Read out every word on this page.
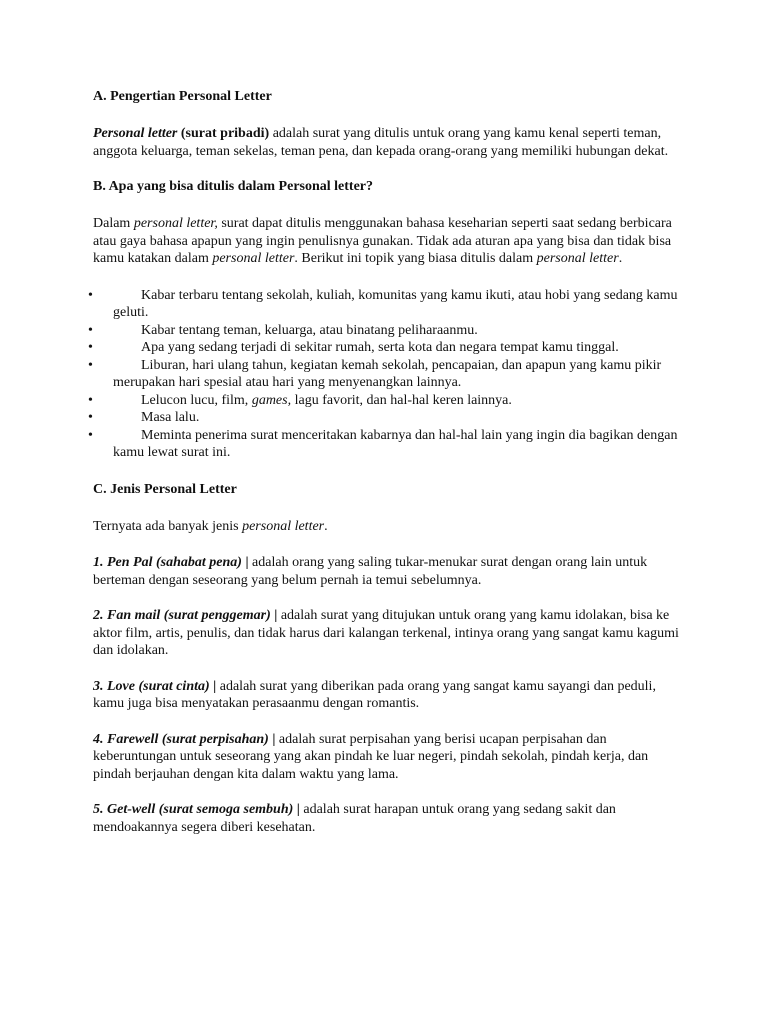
A. Pengertian Personal Letter

Personal letter (surat pribadi) adalah surat yang ditulis untuk orang yang kamu kenal seperti teman, anggota keluarga, teman sekelas, teman pena, dan kepada orang-orang yang memiliki hubungan dekat.

B. Apa yang bisa ditulis dalam Personal letter?

Dalam personal letter, surat dapat ditulis menggunakan bahasa keseharian seperti saat sedang berbicara atau gaya bahasa apapun yang ingin penulisnya gunakan. Tidak ada aturan apa yang bisa dan tidak bisa kamu katakan dalam personal letter. Berikut ini topik yang biasa ditulis dalam personal letter.

•	Kabar terbaru tentang sekolah, kuliah, komunitas yang kamu ikuti, atau hobi yang sedang kamu geluti.
•	Kabar tentang teman, keluarga, atau binatang peliharaanmu.
•	Apa yang sedang terjadi di sekitar rumah, serta kota dan negara tempat kamu tinggal.
•	Liburan, hari ulang tahun, kegiatan kemah sekolah, pencapaian, dan apapun yang kamu pikir merupakan hari spesial atau hari yang menyenangkan lainnya.
•	Lelucon lucu, film, games, lagu favorit, dan hal-hal keren lainnya.
•	Masa lalu.
•	Meminta penerima surat menceritakan kabarnya dan hal-hal lain yang ingin dia bagikan dengan kamu lewat surat ini.
C. Jenis Personal Letter

Ternyata ada banyak jenis personal letter.

1. Pen Pal (sahabat pena) | adalah orang yang saling tukar-menukar surat dengan orang lain untuk berteman dengan seseorang yang belum pernah ia temui sebelumnya.

2. Fan mail (surat penggemar) | adalah surat yang ditujukan untuk orang yang kamu idolakan, bisa ke aktor film, artis, penulis, dan tidak harus dari kalangan terkenal, intinya orang yang sangat kamu kagumi dan idolakan.

3. Love (surat cinta) | adalah surat yang diberikan pada orang yang sangat kamu sayangi dan peduli, kamu juga bisa menyatakan perasaanmu dengan romantis.

4. Farewell (surat perpisahan) | adalah surat perpisahan yang berisi ucapan perpisahan dan keberuntungan untuk seseorang yang akan pindah ke luar negeri, pindah sekolah, pindah kerja, dan pindah berjauhan dengan kita dalam waktu yang lama.

5. Get-well (surat semoga sembuh) | adalah surat harapan untuk orang yang sedang sakit dan mendoakannya segera diberi kesehatan.
